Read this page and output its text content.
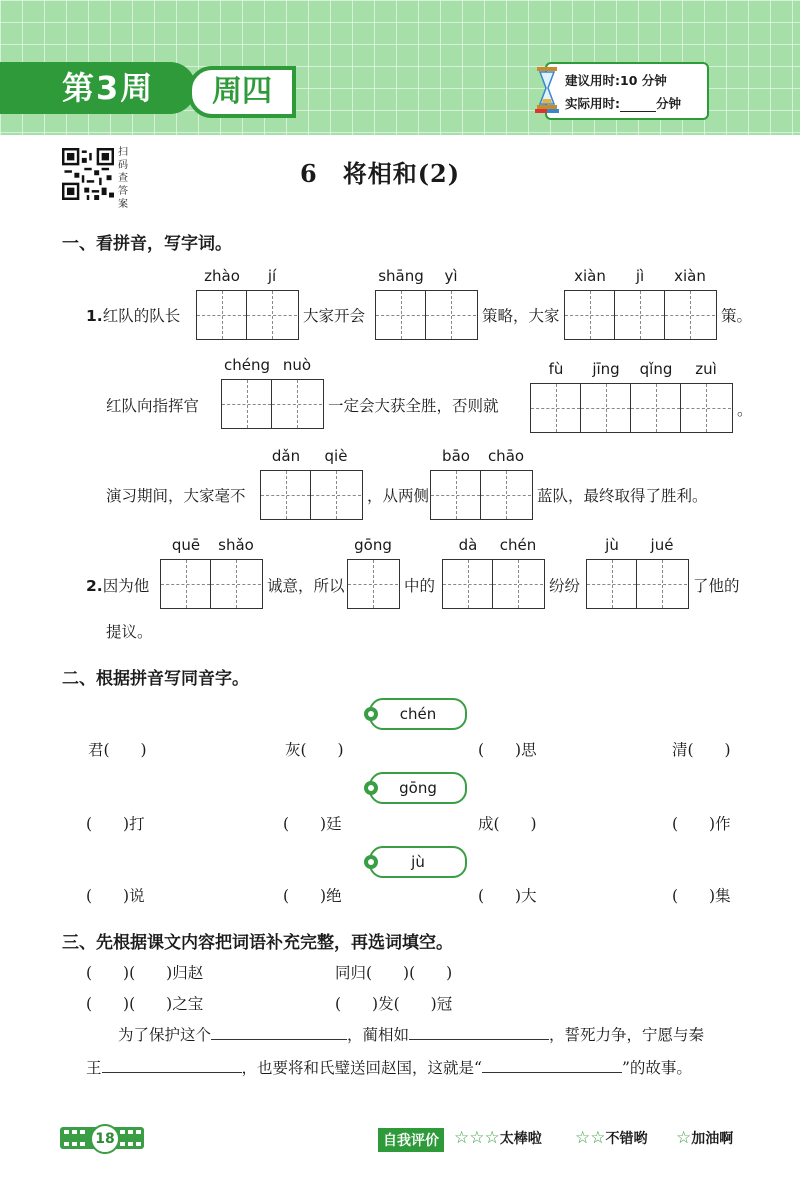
第3周	周四	建议用时:10 分钟
实际用时:	分钟
扫码查答案
6　将相和(2)
一、看拼音，写字词。
1.红队的队长
zhào	jí
大家开会
shāng	yì
策略，大家
xiàn	jì	xiàn
策。
红队向指挥官
chéng nuò
一定会大获全胜，否则就
fù	jīng	qǐng	zuì
。
演习期间，大家毫不
dǎn	qiè
，从两侧
bāo	chāo
蓝队，最终取得了胜利。
2.因为他
quē	shǎo
诚意，所以
gōng
中的
dà	chén
纷纷
jù	jué
了他的
提议。
二、根据拼音写同音字。
chén
君(　　)	灰(　　)	(　　)思	清(　　)
gōng
(　　)打	(　　)廷	成(　　)	(　　)作
jù
(　　)说	(　　)绝	(　　)大	(　　)集
三、先根据课文内容把词语补充完整，再选词填空。
(　　)(　　)归赵	同归(　　)(　　)
(　　)(　　)之宝	(　　)发(　　)冠
为了保护这个	，蔺相如	，誓死力争，宁愿与秦
王	，也要将和氏璧送回赵国，这就是“	”的故事。
18	自我评价 ☆☆☆太棒啦 ☆☆不错哟 ☆加油啊
